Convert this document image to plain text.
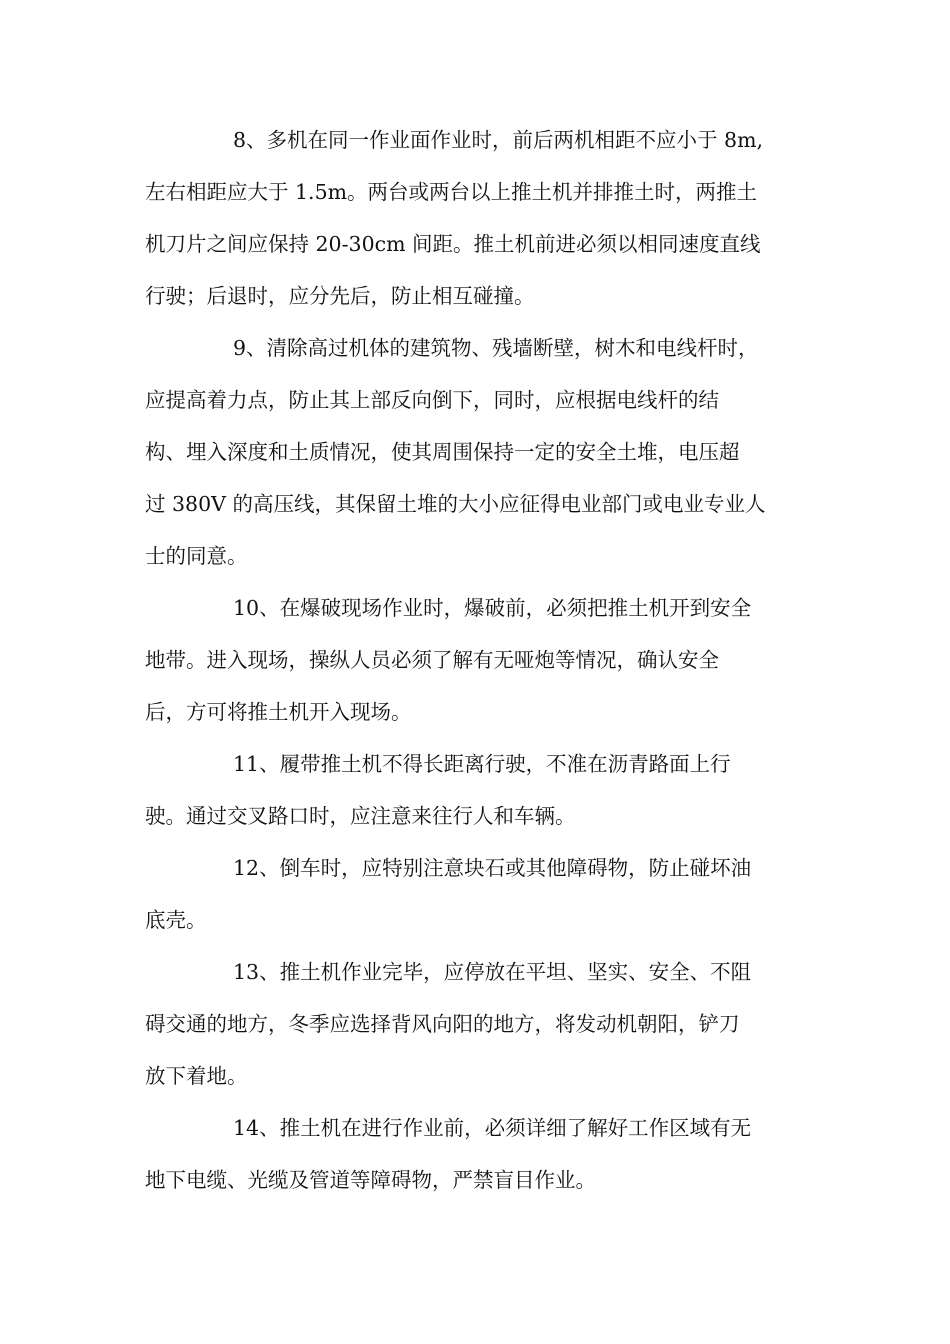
8、多机在同一作业面作业时，前后两机相距不应小于 8m,
左右相距应大于 1.5m。两台或两台以上推土机并排推土时，两推土
机刀片之间应保持 20-30cm 间距。推土机前进必须以相同速度直线
行驶；后退时，应分先后，防止相互碰撞。
9、清除高过机体的建筑物、残墙断壁，树木和电线杆时，
应提高着力点，防止其上部反向倒下，同时，应根据电线杆的结
构、埋入深度和土质情况，使其周围保持一定的安全土堆，电压超
过 380V 的高压线，其保留土堆的大小应征得电业部门或电业专业人
士的同意。
10、在爆破现场作业时，爆破前，必须把推土机开到安全
地带。进入现场，操纵人员必须了解有无哑炮等情况，确认安全
后，方可将推土机开入现场。
11、履带推土机不得长距离行驶，不准在沥青路面上行
驶。通过交叉路口时，应注意来往行人和车辆。
12、倒车时，应特别注意块石或其他障碍物，防止碰坏油
底壳。
13、推土机作业完毕，应停放在平坦、坚实、安全、不阻
碍交通的地方，冬季应选择背风向阳的地方，将发动机朝阳，铲刀
放下着地。
14、推土机在进行作业前，必须详细了解好工作区域有无
地下电缆、光缆及管道等障碍物，严禁盲目作业。
